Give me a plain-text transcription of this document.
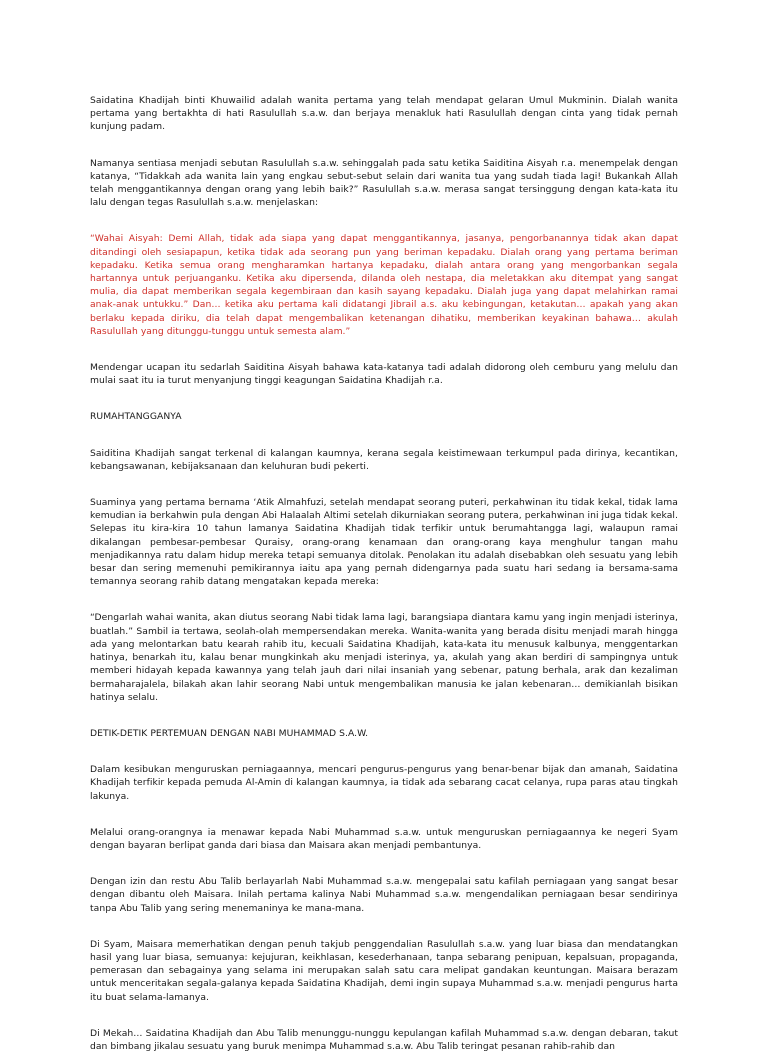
Saidatina Khadijah binti Khuwailid adalah wanita pertama yang telah mendapat gelaran Umul Mukminin. Dialah wanita pertama yang bertakhta di hati Rasulullah s.a.w. dan berjaya menakluk hati Rasulullah dengan cinta yang tidak pernah kunjung padam.

Namanya sentiasa menjadi sebutan Rasulullah s.a.w. sehinggalah pada satu ketika Saiditina Aisyah r.a. menempelak dengan katanya, “Tidakkah ada wanita lain yang engkau sebut-sebut selain dari wanita tua yang sudah tiada lagi! Bukankah Allah telah menggantikannya dengan orang yang lebih baik?” Rasulullah s.a.w. merasa sangat tersinggung dengan kata-kata itu lalu dengan tegas Rasulullah s.a.w. menjelaskan:

“Wahai Aisyah: Demi Allah, tidak ada siapa yang dapat menggantikannya, jasanya, pengorbanannya tidak akan dapat ditandingi oleh sesiapapun, ketika tidak ada seorang pun yang beriman kepadaku. Dialah orang yang pertama beriman kepadaku. Ketika semua orang mengharamkan hartanya kepadaku, dialah antara orang yang mengorbankan segala hartannya untuk perjuanganku. Ketika aku dipersenda, dilanda oleh nestapa, dia meletakkan aku ditempat yang sangat mulia, dia dapat memberikan segala kegembiraan dan kasih sayang kepadaku. Dialah juga yang dapat melahirkan ramai anak-anak untukku.” Dan… ketika aku pertama kali didatangi Jibrail a.s. aku kebingungan, ketakutan… apakah yang akan berlaku kepada diriku, dia telah dapat mengembalikan ketenangan dihatiku, memberikan keyakinan bahawa… akulah Rasulullah yang ditunggu-tunggu untuk semesta alam.”

Mendengar ucapan itu sedarlah Saiditina Aisyah bahawa kata-katanya tadi adalah didorong oleh cemburu yang melulu dan mulai saat itu ia turut menyanjung tinggi keagungan Saidatina Khadijah r.a.

RUMAHTANGGANYA

Saiditina Khadijah sangat terkenal di kalangan kaumnya, kerana segala keistimewaan terkumpul pada dirinya, kecantikan, kebangsawanan, kebijaksanaan dan keluhuran budi pekerti.

Suaminya yang pertama bernama ‘Atik Almahfuzi, setelah mendapat seorang puteri, perkahwinan itu tidak kekal, tidak lama kemudian ia berkahwin pula dengan Abi Halaalah Altimi setelah dikurniakan seorang putera, perkahwinan ini juga tidak kekal. Selepas itu kira-kira 10 tahun lamanya Saidatina Khadijah tidak terfikir untuk berumahtangga lagi, walaupun ramai dikalangan pembesar-pembesar Quraisy, orang-orang kenamaan dan orang-orang kaya menghulur tangan mahu menjadikannya ratu dalam hidup mereka tetapi semuanya ditolak. Penolakan itu adalah disebabkan oleh sesuatu yang lebih besar dan sering memenuhi pemikirannya iaitu apa yang pernah didengarnya pada suatu hari sedang ia bersama-sama temannya seorang rahib datang mengatakan kepada mereka:

“Dengarlah wahai wanita, akan diutus seorang Nabi tidak lama lagi, barangsiapa diantara kamu yang ingin menjadi isterinya, buatlah.” Sambil ia tertawa, seolah-olah mempersendakan mereka. Wanita-wanita yang berada disitu menjadi marah hingga ada yang melontarkan batu kearah rahib itu, kecuali Saidatina Khadijah, kata-kata itu menusuk kalbunya, menggentarkan hatinya, benarkah itu, kalau benar mungkinkah aku menjadi isterinya, ya, akulah yang akan berdiri di sampingnya untuk memberi hidayah kepada kawannya yang telah jauh dari nilai insaniah yang sebenar, patung berhala, arak dan kezaliman bermaharajalela, bilakah akan lahir seorang Nabi untuk mengembalikan manusia ke jalan kebenaran… demikianlah bisikan hatinya selalu.

DETIK-DETIK PERTEMUAN DENGAN NABI MUHAMMAD S.A.W.

Dalam kesibukan menguruskan perniagaannya, mencari pengurus-pengurus yang benar-benar bijak dan amanah, Saidatina Khadijah terfikir kepada pemuda Al-Amin di kalangan kaumnya, ia tidak ada sebarang cacat celanya, rupa paras atau tingkah lakunya.

Melalui orang-orangnya ia menawar kepada Nabi Muhammad s.a.w. untuk menguruskan perniagaannya ke negeri Syam dengan bayaran berlipat ganda dari biasa dan Maisara akan menjadi pembantunya.

Dengan izin dan restu Abu Talib berlayarlah Nabi Muhammad s.a.w. mengepalai satu kafilah perniagaan yang sangat besar dengan dibantu oleh Maisara. Inilah pertama kalinya Nabi Muhammad s.a.w. mengendalikan perniagaan besar sendirinya tanpa Abu Talib yang sering menemaninya ke mana-mana.

Di Syam, Maisara memerhatikan dengan penuh takjub penggendalian Rasulullah s.a.w. yang luar biasa dan mendatangkan hasil yang luar biasa, semuanya: kejujuran, keikhlasan, kesederhanaan, tanpa sebarang penipuan, kepalsuan, propaganda, pemerasan dan sebagainya yang selama ini merupakan salah satu cara melipat gandakan keuntungan. Maisara berazam untuk menceritakan segala-galanya kepada Saidatina Khadijah, demi ingin supaya Muhammad s.a.w. menjadi pengurus harta itu buat selama-lamanya.

Di Mekah… Saidatina Khadijah dan Abu Talib menunggu-nunggu kepulangan kafilah Muhammad s.a.w. dengan debaran, takut dan bimbang jikalau sesuatu yang buruk menimpa Muhammad s.a.w. Abu Talib teringat pesanan rahib-rahib dan
